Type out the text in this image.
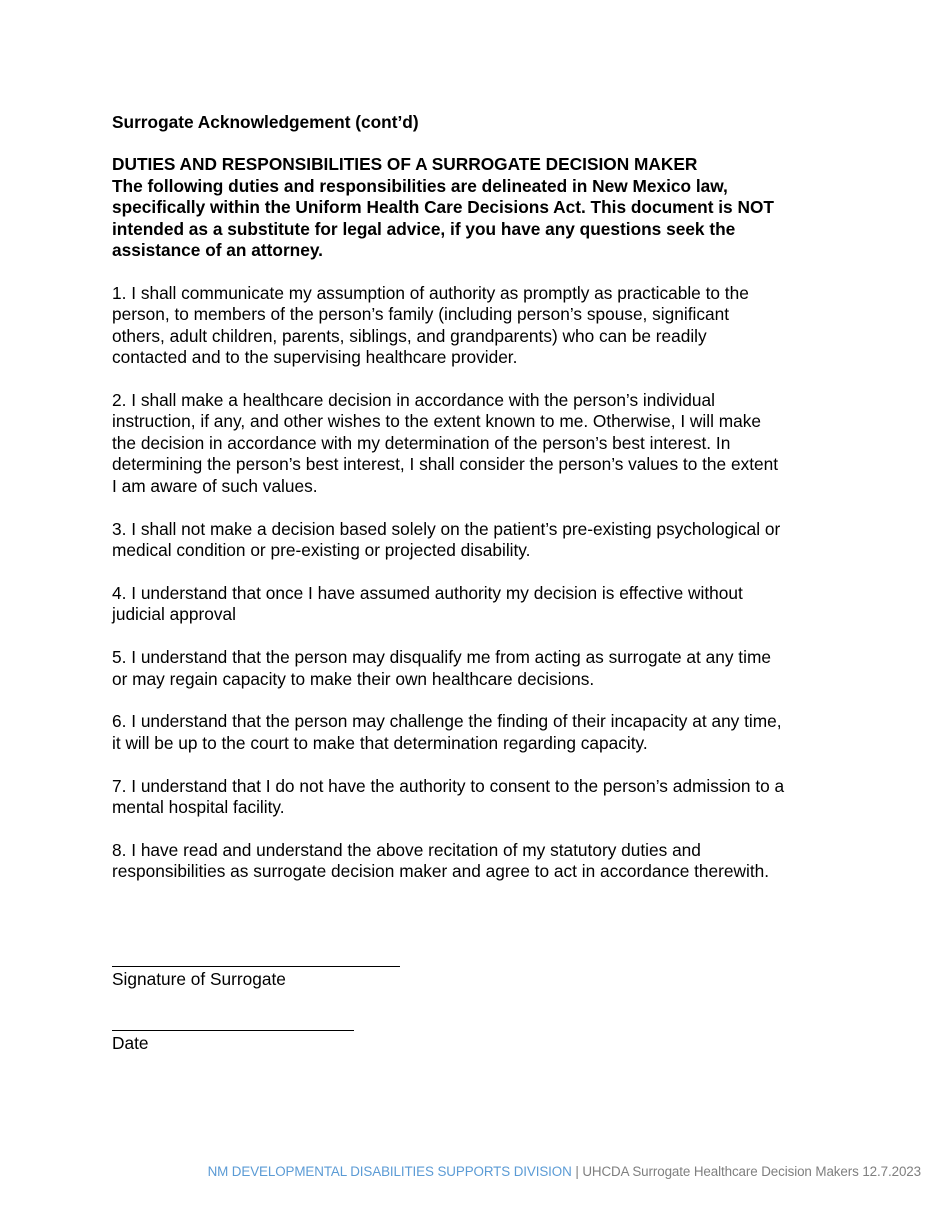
Surrogate Acknowledgement (cont’d)
DUTIES AND RESPONSIBILITIES OF A SURROGATE DECISION MAKER
The following duties and responsibilities are delineated in New Mexico law,
specifically within the Uniform Health Care Decisions Act. This document is NOT
intended as a substitute for legal advice, if you have any questions seek the
assistance of an attorney.
1. I shall communicate my assumption of authority as promptly as practicable to the
person, to members of the person’s family (including person’s spouse, significant
others, adult children, parents, siblings, and grandparents) who can be readily
contacted and to the supervising healthcare provider.
2. I shall make a healthcare decision in accordance with the person’s individual
instruction, if any, and other wishes to the extent known to me. Otherwise, I will make
the decision in accordance with my determination of the person’s best interest. In
determining the person’s best interest, I shall consider the person’s values to the extent
I am aware of such values.
3. I shall not make a decision based solely on the patient’s pre-existing psychological or
medical condition or pre-existing or projected disability.
4. I understand that once I have assumed authority my decision is effective without
judicial approval
5. I understand that the person may disqualify me from acting as surrogate at any time
or may regain capacity to make their own healthcare decisions.
6. I understand that the person may challenge the finding of their incapacity at any time,
it will be up to the court to make that determination regarding capacity.
7. I understand that I do not have the authority to consent to the person’s admission to a
mental hospital facility.
8. I have read and understand the above recitation of my statutory duties and
responsibilities as surrogate decision maker and agree to act in accordance therewith.
Signature of Surrogate
Date
NM DEVELOPMENTAL DISABILITIES SUPPORTS DIVISION | UHCDA Surrogate Healthcare Decision Makers 12.7.2023
